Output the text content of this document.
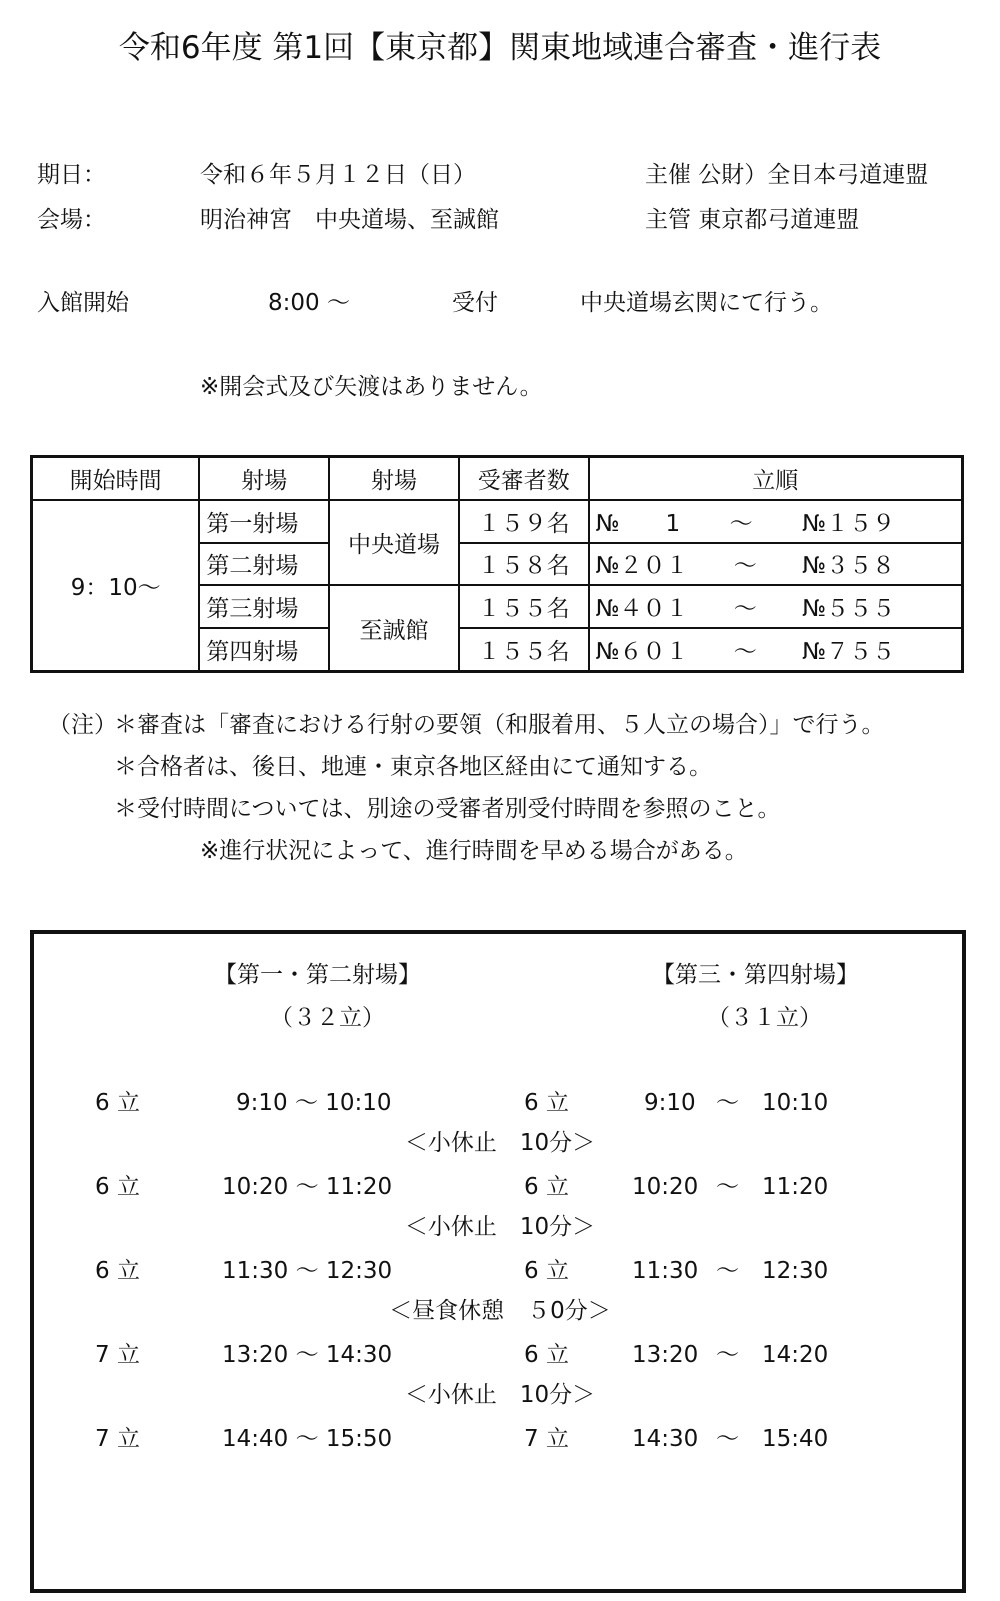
令和6年度 第1回【東京都】関東地域連合審査・進行表
期日：	令和６年５月１２日（日）	主催 公財）全日本弓道連盟
会場：	明治神宮　中央道場、至誠館	主管 東京都弓道連盟
入館開始	8:00 ～	受付	中央道場玄関にて行う。
※開会式及び矢渡はありません。
開始時間	射場	射場	受審者数	立順
9：10～	第一射場	中央道場	１５９名	№　　1 ～ №１５９

	第二射場		１５８名	№２０１ ～ №３５８

	第三射場	至誠館	１５５名	№４０１ ～ №５５５

	第四射場		１５５名	№６０１ ～ №７５５
（注）
＊審査は「審査における行射の要領（和服着用、５人立の場合）」で行う。
＊合格者は、後日、地連・東京各地区経由にて通知する。
＊受付時間については、別途の受審者別受付時間を参照のこと。
※進行状況によって、進行時間を早める場合がある。
【第一・第二射場】
（３２立）
【第三・第四射場】
（３１立）
6 立	9:10 ～ 10:10	6 立	9:10 ～ 10:10
＜小休止　10分＞
6 立	10:20 ～ 11:20	6 立	10:20 ～ 11:20
＜小休止　10分＞
6 立	11:30 ～ 12:30	6 立	11:30 ～ 12:30
＜昼食休憩　５0分＞
7 立	13:20 ～ 14:30	6 立	13:20 ～ 14:20
＜小休止　10分＞
7 立	14:40 ～ 15:50	7 立	14:30 ～ 15:40
